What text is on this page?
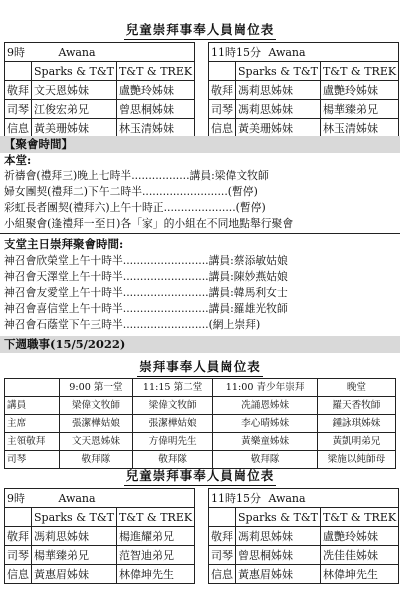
兒童崇拜事奉人員崗位表
9時 Awana		
	Sparks & T&T	T&T & TREK
敬拜	文天恩姊妹	盧艷玲姊妹
司琴	江俊宏弟兄	曾思桐姊妹
信息	黃美珊姊妹	林玉清姊妹
11時15分 Awana		
	Sparks & T&T	T&T & TREK
敬拜	馮莉思姊妹	盧艷玲姊妹
司琴	馮莉思姊妹	楊華臻弟兄
信息	黃美珊姊妹	林玉清姊妹
【聚會時間】
本堂:
祈禱會(禮拜三)晚上七時半.................講員:梁偉文牧師
婦女團契(禮拜二)下午二時半.........................(暫停)
彩虹長者團契(禮拜六)上午十時正.....................(暫停)
小組聚會(逢禮拜一至日)各「家」的小組在不同地點舉行聚會
支堂主日崇拜聚會時間:
神召會欣榮堂上午十時半.........................講員:蔡添敏姑娘
神召會天澤堂上午十時半.........................講員:陳妙燕姑娘
神召會友愛堂上午十時半.........................講員:韓馬利女士
神召會喜信堂上午十時半.........................講員:羅雄光牧師
神召會石蔭堂下午三時半.........................(網上崇拜)
下週職事(15/5/2022)
崇拜事奉人員崗位表
	9:00 第一堂	11:15 第二堂	11:00 青少年崇拜	晚堂
講員	梁偉文牧師	梁偉文牧師	冼誦恩姊妹	羅天香牧師
主席	張潔樺姑娘	張潔樺姑娘	李心晴姊妹	鍾詠琪姊妹
主領敬拜	文天恩姊妹	方偉明先生	黃樂童姊妹	黃凱明弟兄
司琴	敬拜隊	敬拜隊	敬拜隊	梁施以純師母
兒童崇拜事奉人員崗位表
9時 Awana		
	Sparks & T&T	T&T & TREK
敬拜	馮莉思姊妹	楊進耀弟兄
司琴	楊華臻弟兄	范智迪弟兄
信息	黃惠眉姊妹	林偉坤先生
11時15分 Awana		
	Sparks & T&T	T&T & TREK
敬拜	馮莉思姊妹	盧艷玲姊妹
司琴	曾思桐姊妹	冼佳佳姊妹
信息	黃惠眉姊妹	林偉坤先生
